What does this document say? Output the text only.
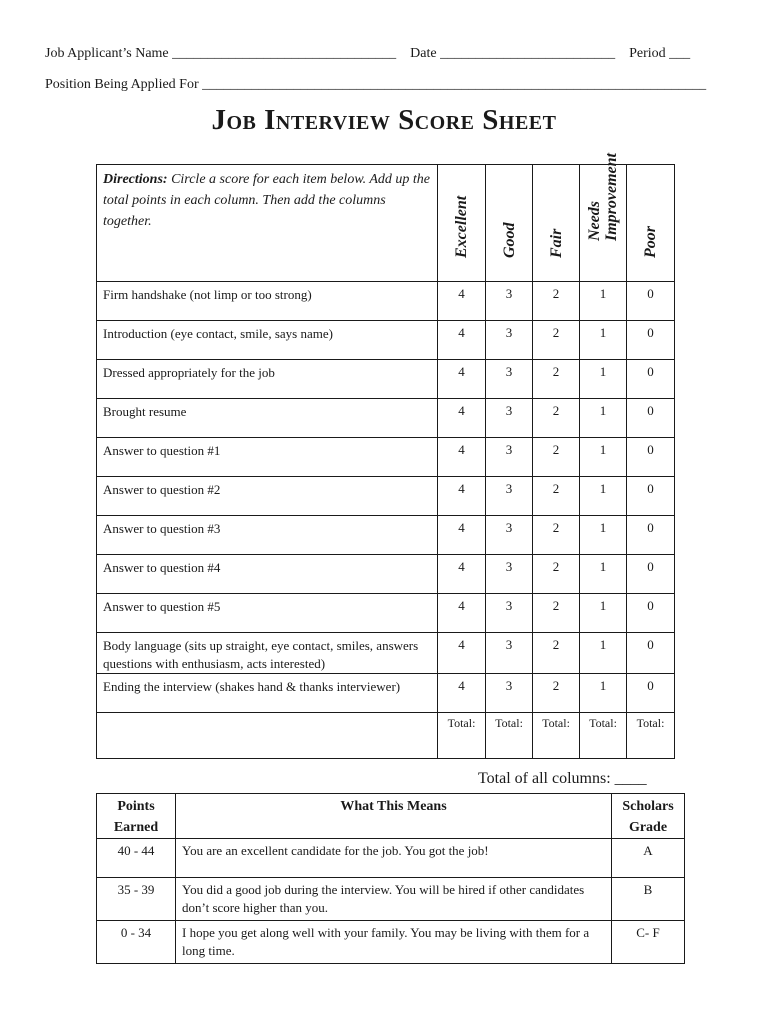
Job Applicant’s Name ________________________________ Date _________________________ Period ___
Position Being Applied For ________________________________________________________________________
Job Interview Score Sheet
Directions: Circle a score for each item below. Add up the total points in each column. Then add the columns together.	Excellent	Good	Fair	Needs Improvement	Poor

Firm handshake (not limp or too strong)	4	3	2	1	0
Introduction (eye contact, smile, says name)	4	3	2	1	0
Dressed appropriately for the job	4	3	2	1	0
Brought resume	4	3	2	1	0
Answer to question #1	4	3	2	1	0
Answer to question #2	4	3	2	1	0
Answer to question #3	4	3	2	1	0
Answer to question #4	4	3	2	1	0
Answer to question #5	4	3	2	1	0
Body language (sits up straight, eye contact, smiles, answers questions with enthusiasm, acts interested)	4	3	2	1	0
Ending the interview (shakes hand & thanks interviewer)	4	3	2	1	0
	Total:	Total:	Total:	Total:	Total:
Total of all columns: ____
Points Earned	What This Means	Scholars Grade
40 - 44	You are an excellent candidate for the job. You got the job!	A
35 - 39	You did a good job during the interview. You will be hired if other candidates don’t score higher than you.	B
0 - 34	I hope you get along well with your family. You may be living with them for a long time.	C- F
